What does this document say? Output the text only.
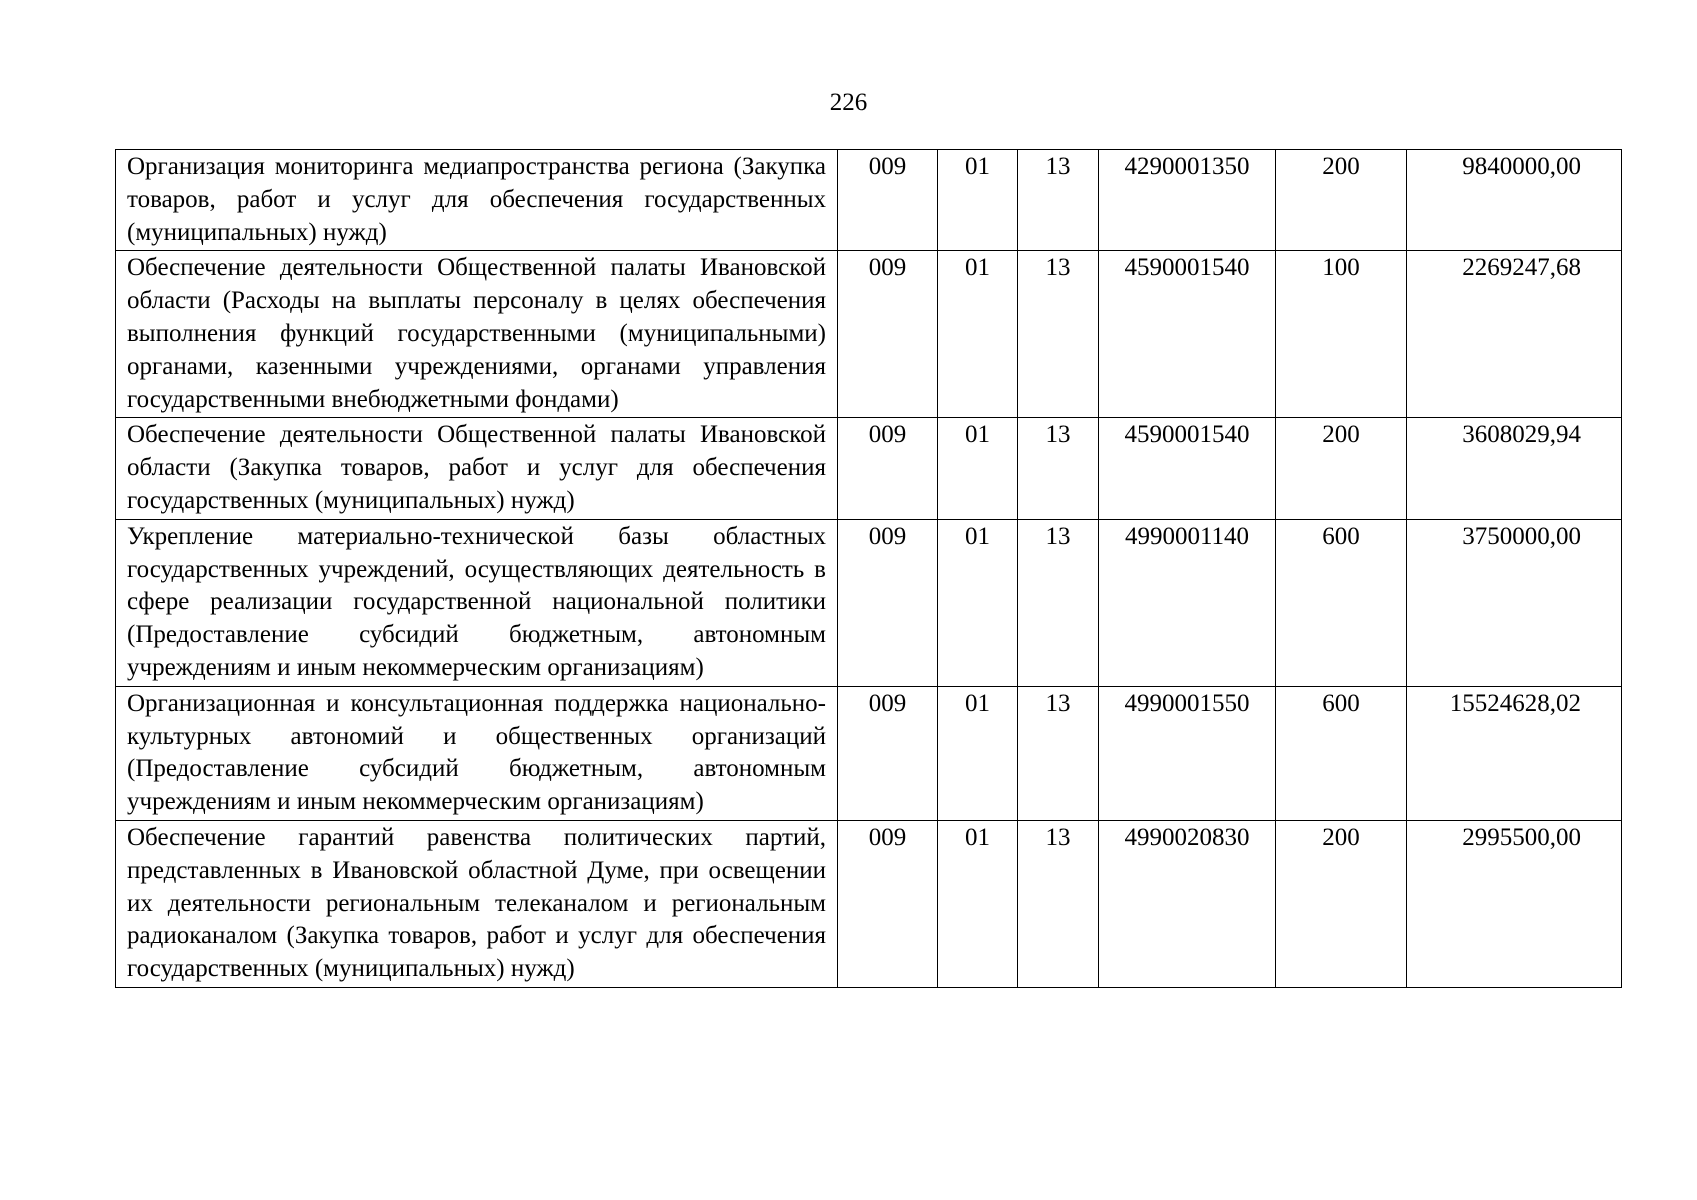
226
Организация мониторинга медиапространства региона (Закупка товаров, работ и услуг для обеспечения государственных (муниципальных) нужд)	009	01	13	4290001350	200	9840000,00
Обеспечение деятельности Общественной палаты Ивановской области (Расходы на выплаты персоналу в целях обеспечения выполнения функций государственными (муниципальными) органами, казенными учреждениями, органами управления государственными внебюджетными фондами)	009	01	13	4590001540	100	2269247,68
Обеспечение деятельности Общественной палаты Ивановской области (Закупка товаров, работ и услуг для обеспечения государственных (муниципальных) нужд)	009	01	13	4590001540	200	3608029,94
Укрепление материально-технической базы областных государственных учреждений, осуществляющих деятельность в сфере реализации государственной национальной политики (Предоставление субсидий бюджетным, автономным учреждениям и иным некоммерческим организациям)	009	01	13	4990001140	600	3750000,00
Организационная и консультационная поддержка национально-культурных автономий и общественных организаций (Предоставление субсидий бюджетным, автономным учреждениям и иным некоммерческим организациям)	009	01	13	4990001550	600	15524628,02
Обеспечение гарантий равенства политических партий, представленных в Ивановской областной Думе, при освещении их деятельности региональным телеканалом и региональным радиоканалом (Закупка товаров, работ и услуг для обеспечения государственных (муниципальных) нужд)	009	01	13	4990020830	200	2995500,00
